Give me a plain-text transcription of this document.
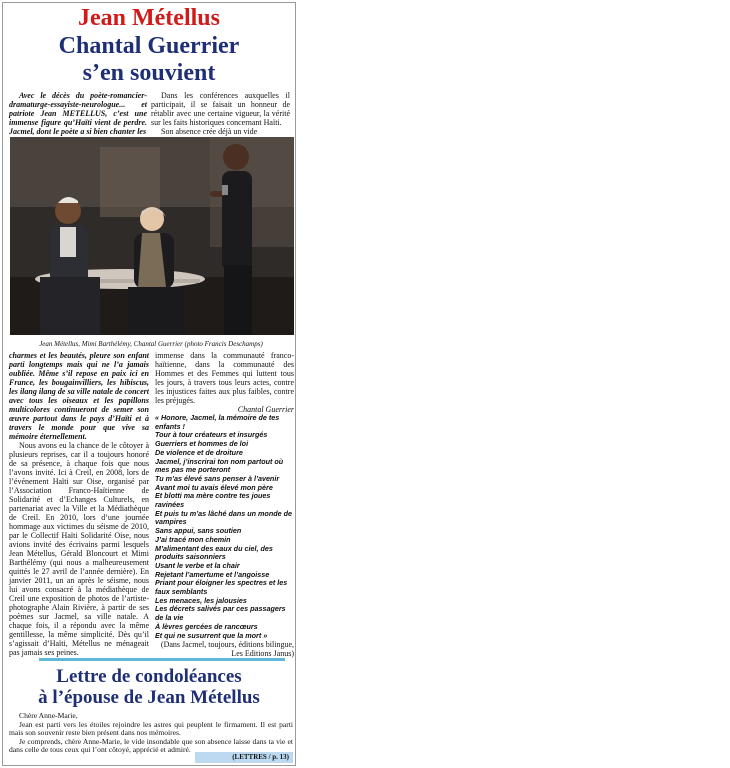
Jean Métellus
Chantal Guerrier
s’en souvient

Avec le décès du poète-romancier-dramaturge-essayiste-neurologue... et patriote Jean METELLUS, c’est une immense figure qu’Haïti vient de perdre. Jacmel, dont le poète a si bien chanter les

Dans les conférences auxquelles il participait, il se faisait un honneur de rétablir avec une certaine vigueur, la vérité sur les faits historiques concernant Haïti.

Son absence crée déjà un vide

Jean Métellus, Mimi Barthélémy, Chantal Guerrier (photo Francis Deschamps)

charmes et les beautés, pleure son enfant parti longtemps mais qui ne l’a jamais oubliée. Même s’il repose en paix ici en France, les bougainvilliers, les hibiscus, les ilang ilang de sa ville natale de concert avec tous les oiseaux et les papillons multicolores continueront de semer son œuvre partout dans le pays d’Haïti et à travers le monde pour que vive sa mémoire éternellement.

Nous avons eu la chance de le côtoyer à plusieurs reprises, car il a toujours honoré de sa présence, à chaque fois que nous l’avons invité. Ici à Creil, en 2008, lors de l’événement Haïti sur Oise, organisé par l’Association Franco-Haïtienne de Solidarité et d’Echanges Culturels, en partenariat avec la Ville et la Médiathèque de Creil. En 2010, lors d’une journée hommage aux victimes du séisme de 2010, par le Collectif Haïti Solidarité Oise, nous avions invité des écrivains parmi lesquels Jean Métellus, Gérald Bloncourt et Mimi Barthélémy (qui nous a malheureusement quittés le 27 avril de l’année dernière). En janvier 2011, un an après le séisme, nous lui avons consacré à la médiathèque de Creil une exposition de photos de l’artiste-photographe Alain Rivière, à partir de ses poèmes sur Jacmel, sa ville natale. A chaque fois, il a répondu avec la même gentillesse, la même simplicité. Dès qu’il s’agissait d’Haïti, Métellus ne ménageait pas jamais ses peines.

immense dans la communauté franco-haïtienne, dans la communauté des Hommes et des Femmes qui luttent tous les jours, à travers tous leurs actes, contre les injustices faites aux plus faibles, contre les préjugés.

Chantal Guerrier

« Honore, Jacmel, la mémoire de tes enfants !
Tour à tour créateurs et insurgés
Guerriers et hommes de loi
De violence et de droiture
Jacmel, j’inscrirai ton nom partout où mes pas me porteront
Tu m’as élevé sans penser à l’avenir
Avant moi tu avais élevé mon père
Et blotti ma mère contre tes joues ravinées
Et puis tu m’as lâché dans un monde de vampires
Sans appui, sans soutien
J’ai tracé mon chemin
M’alimentant des eaux du ciel, des produits saisonniers
Usant le verbe et la chair
Rejetant l’amertume et l’angoisse
Priant pour éloigner les spectres et les faux semblants
Les menaces, les jalousies
Les décrets salivés par ces passagers de la vie
À lèvres gercées de rancœurs
Et qui ne susurrent que la mort »

(Dans Jacmel, toujours, éditions bilingue, Les Editions Janus)

Lettre de condoléances
à l’épouse de Jean Métellus

Chère Anne-Marie,

Jean est parti vers les étoiles rejoindre les astres qui peuplent le firmament. Il est parti mais son souvenir reste bien présent dans nos mémoires.

Je comprends, chère Anne-Marie, le vide insondable que son absence laisse dans ta vie et dans celle de tous ceux qui l’ont côtoyé, apprécié et admiré.

(LETTRES / p. 13)
